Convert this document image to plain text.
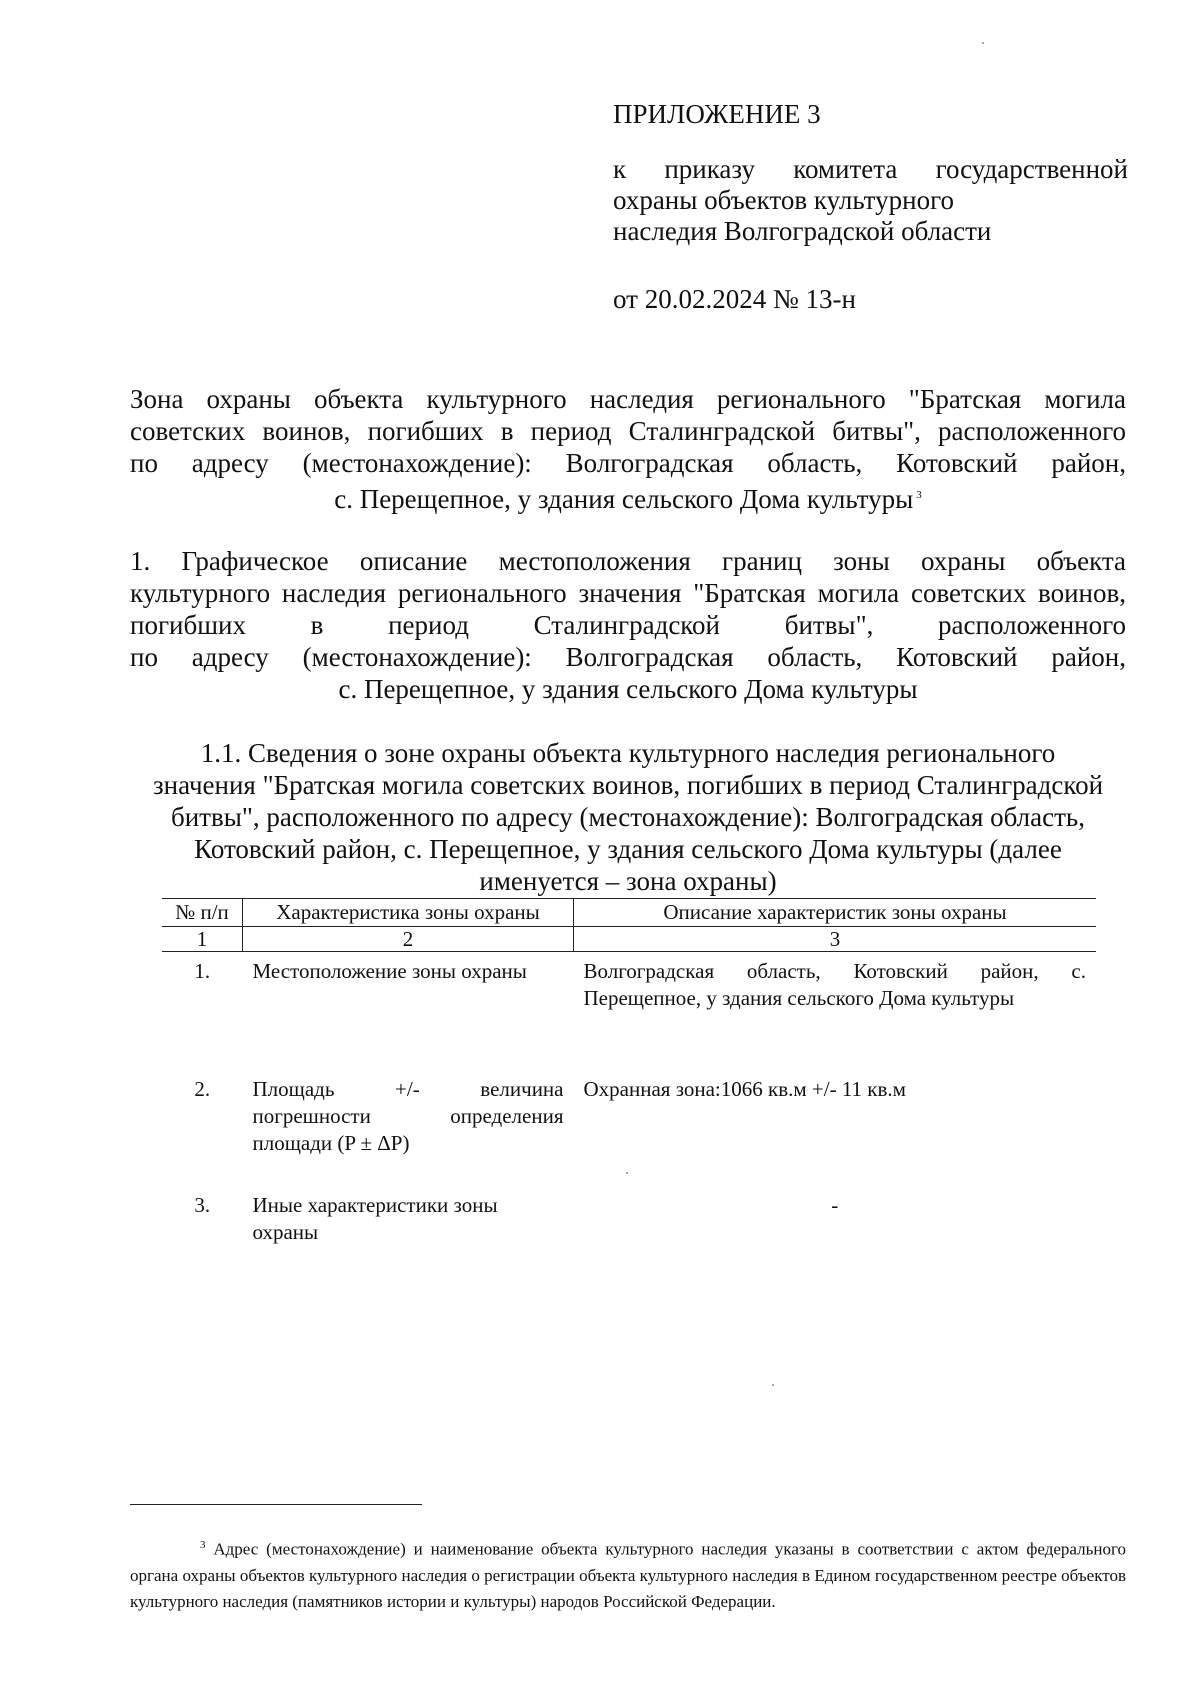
ПРИЛОЖЕНИЕ 3
к приказу комитета государственной
охраны объектов культурного
наследия Волгоградской области
от 20.02.2024 № 13-н
Зона охраны объекта культурного наследия регионального "Братская могила
советских воинов, погибших в период Сталинградской битвы", расположенного
по адресу (местонахождение): Волгоградская область, Котовский район,
с. Перещепное, у здания сельского Дома культуры $^3$
1. Графическое описание местоположения границ зоны охраны объекта
культурного наследия регионального значения "Братская могила советских воинов,
погибших в период Сталинградской битвы", расположенного
по адресу (местонахождение): Волгоградская область, Котовский район,
с. Перещепное, у здания сельского Дома культуры
1.1. Сведения о зоне охраны объекта культурного наследия регионального
значения "Братская могила советских воинов, погибших в период Сталинградской
битвы", расположенного по адресу (местонахождение): Волгоградская область,
Котовский район, с. Перещепное, у здания сельского Дома культуры (далее
именуется – зона охраны)
№ п/п	Характеристика зоны охраны	Описание характеристик зоны охраны
1	2	3
1.	Местоположение зоны охраны	Волгоградская область, Котовский район, с. Перещепное, у здания сельского Дома культуры
2.	Площадь +/- величина погрешности определения площади (P ± ΔP)	Охранная зона:1066 кв.м +/- 11 кв.м
3.	Иные характеристики зоны охраны	-
$^3$ Адрес (местонахождение) и наименование объекта культурного наследия указаны в соответствии с актом федерального органа охраны объектов культурного наследия о регистрации объекта культурного наследия в Едином государственном реестре объектов культурного наследия (памятников истории и культуры) народов Российской Федерации.
